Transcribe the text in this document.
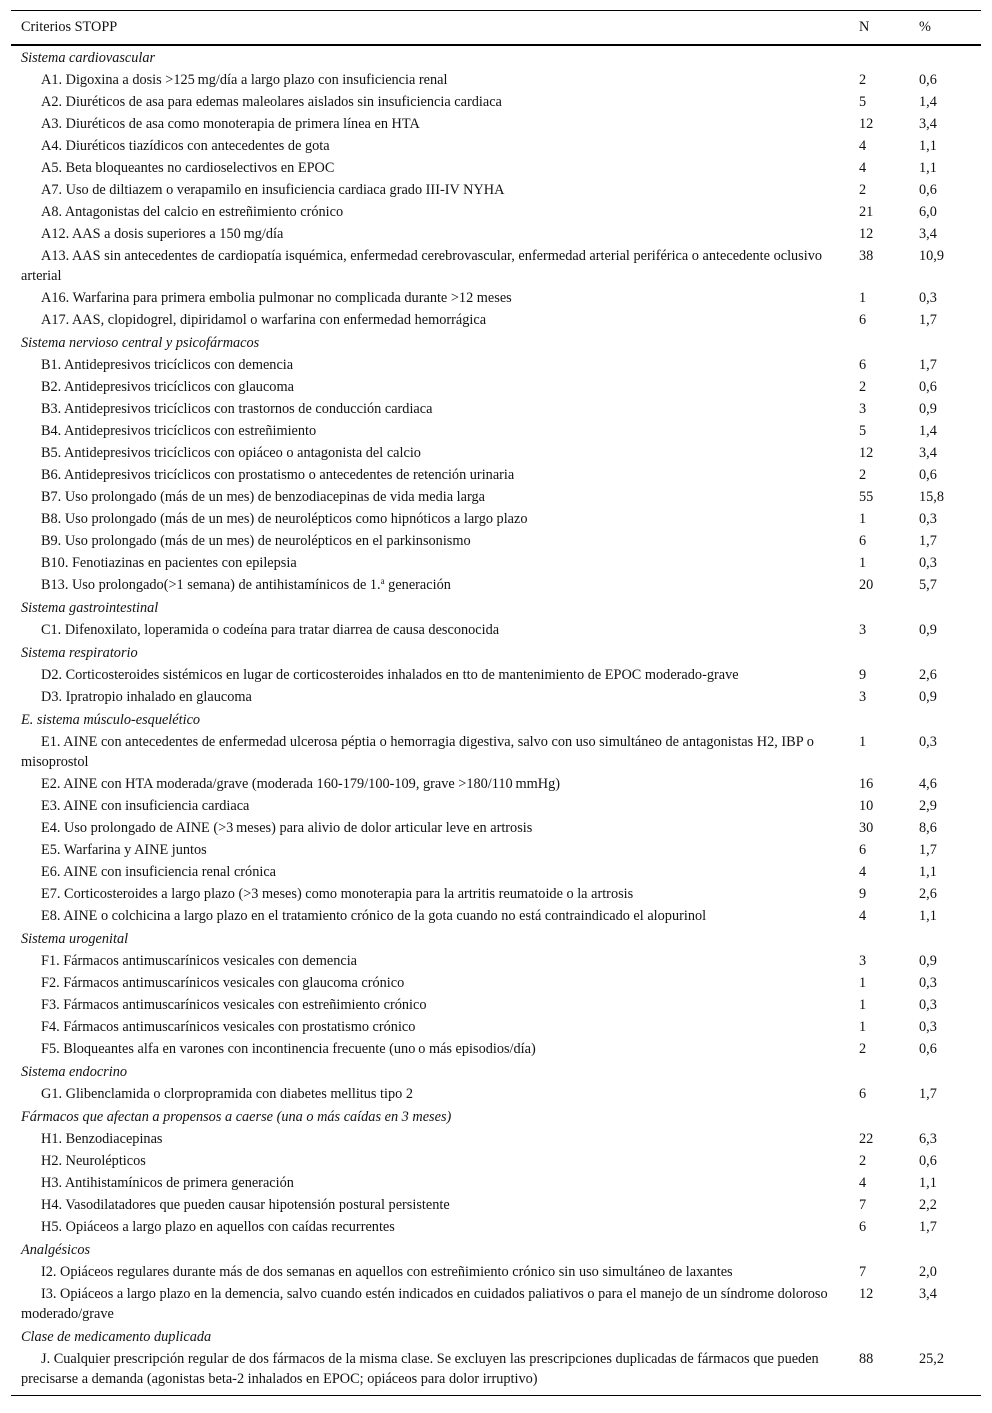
Criterios STOPP	N	%
Sistema cardiovascular		
A1. Digoxina a dosis >125 mg/día a largo plazo con insuficiencia renal	2	0,6
A2. Diuréticos de asa para edemas maleolares aislados sin insuficiencia cardiaca	5	1,4
A3. Diuréticos de asa como monoterapia de primera línea en HTA	12	3,4
A4. Diuréticos tiazídicos con antecedentes de gota	4	1,1
A5. Beta bloqueantes no cardioselectivos en EPOC	4	1,1
A7. Uso de diltiazem o verapamilo en insuficiencia cardiaca grado III-IV NYHA	2	0,6
A8. Antagonistas del calcio en estreñimiento crónico	21	6,0
A12. AAS a dosis superiores a 150 mg/día	12	3,4
A13. AAS sin antecedentes de cardiopatía isquémica, enfermedad cerebrovascular, enfermedad arterial periférica o antecedente oclusivo arterial	38	10,9
A16. Warfarina para primera embolia pulmonar no complicada durante >12 meses	1	0,3
A17. AAS, clopidogrel, dipiridamol o warfarina con enfermedad hemorrágica	6	1,7
Sistema nervioso central y psicofármacos		
B1. Antidepresivos tricíclicos con demencia	6	1,7
B2. Antidepresivos tricíclicos con glaucoma	2	0,6
B3. Antidepresivos tricíclicos con trastornos de conducción cardiaca	3	0,9
B4. Antidepresivos tricíclicos con estreñimiento	5	1,4
B5. Antidepresivos tricíclicos con opiáceo o antagonista del calcio	12	3,4
B6. Antidepresivos tricíclicos con prostatismo o antecedentes de retención urinaria	2	0,6
B7. Uso prolongado (más de un mes) de benzodiacepinas de vida media larga	55	15,8
B8. Uso prolongado (más de un mes) de neurolépticos como hipnóticos a largo plazo	1	0,3
B9. Uso prolongado (más de un mes) de neurolépticos en el parkinsonismo	6	1,7
B10. Fenotiazinas en pacientes con epilepsia	1	0,3
B13. Uso prolongado(>1 semana) de antihistamínicos de 1.$^a$ generación	20	5,7
Sistema gastrointestinal		
C1. Difenoxilato, loperamida o codeína para tratar diarrea de causa desconocida	3	0,9
Sistema respiratorio		
D2. Corticosteroides sistémicos en lugar de corticosteroides inhalados en tto de mantenimiento de EPOC moderado-grave	9	2,6
D3. Ipratropio inhalado en glaucoma	3	0,9
E. sistema músculo-esquelético		
E1. AINE con antecedentes de enfermedad ulcerosa péptia o hemorragia digestiva, salvo con uso simultáneo de antagonistas H2, IBP o misoprostol	1	0,3
E2. AINE con HTA moderada/grave (moderada 160-179/100-109, grave >180/110 mmHg)	16	4,6
E3. AINE con insuficiencia cardiaca	10	2,9
E4. Uso prolongado de AINE (>3 meses) para alivio de dolor articular leve en artrosis	30	8,6
E5. Warfarina y AINE juntos	6	1,7
E6. AINE con insuficiencia renal crónica	4	1,1
E7. Corticosteroides a largo plazo (>3 meses) como monoterapia para la artritis reumatoide o la artrosis	9	2,6
E8. AINE o colchicina a largo plazo en el tratamiento crónico de la gota cuando no está contraindicado el alopurinol	4	1,1
Sistema urogenital		
F1. Fármacos antimuscarínicos vesicales con demencia	3	0,9
F2. Fármacos antimuscarínicos vesicales con glaucoma crónico	1	0,3
F3. Fármacos antimuscarínicos vesicales con estreñimiento crónico	1	0,3
F4. Fármacos antimuscarínicos vesicales con prostatismo crónico	1	0,3
F5. Bloqueantes alfa en varones con incontinencia frecuente (uno o más episodios/día)	2	0,6
Sistema endocrino		
G1. Glibenclamida o clorpropramida con diabetes mellitus tipo 2	6	1,7
Fármacos que afectan a propensos a caerse (una o más caídas en 3 meses)		
H1. Benzodiacepinas	22	6,3
H2. Neurolépticos	2	0,6
H3. Antihistamínicos de primera generación	4	1,1
H4. Vasodilatadores que pueden causar hipotensión postural persistente	7	2,2
H5. Opiáceos a largo plazo en aquellos con caídas recurrentes	6	1,7
Analgésicos		
I2. Opiáceos regulares durante más de dos semanas en aquellos con estreñimiento crónico sin uso simultáneo de laxantes	7	2,0
I3. Opiáceos a largo plazo en la demencia, salvo cuando estén indicados en cuidados paliativos o para el manejo de un síndrome doloroso moderado/grave	12	3,4
Clase de medicamento duplicada		
J. Cualquier prescripción regular de dos fármacos de la misma clase. Se excluyen las prescripciones duplicadas de fármacos que pueden precisarse a demanda (agonistas beta-2 inhalados en EPOC; opiáceos para dolor irruptivo)	88	25,2
